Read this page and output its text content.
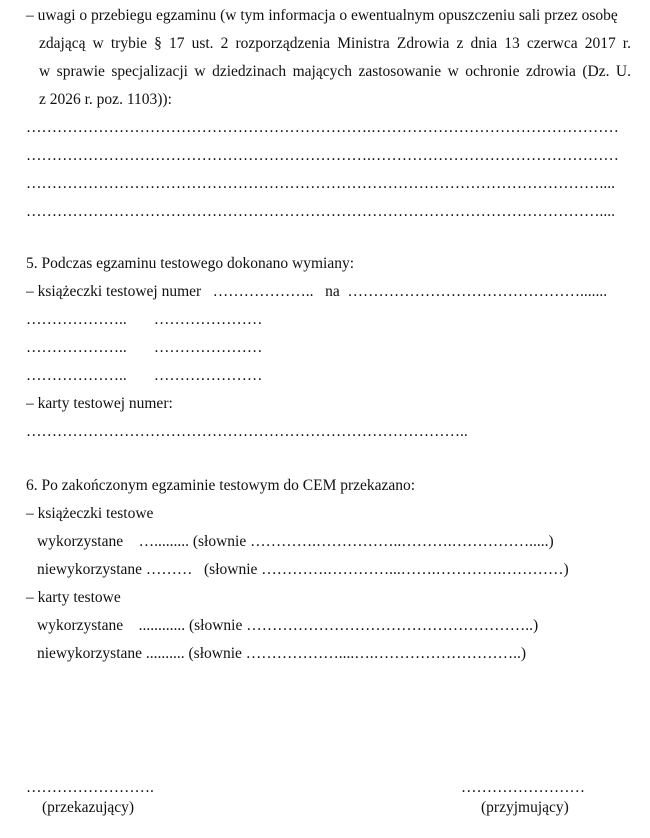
– uwagi o przebiegu egzaminu (w tym informacja o ewentualnym opuszczeniu sali przez osobę
zdającą w trybie § 17 ust. 2 rozporządzenia Ministra Zdrowia z dnia 13 czerwca 2017 r.
w sprawie specjalizacji w dziedzinach mających zastosowanie w ochronie zdrowia (Dz. U.
z 2026 r. poz. 1103)):
………………………………………………………….…………………………………………
………………………………………………………….…………………………………………
…………………………………………………………………………………………………....
…………………………………………………………………………………………………....
5. Podczas egzaminu testowego dokonano wymiany:
– książeczki testowej numer   ………………..   na  ……………………………………….......
………………..       …………………
………………..       …………………
………………..       …………………
– karty testowej numer:
…………………………………………………………………………..
6. Po zakończonym egzaminie testowym do CEM przekazano:
– książeczki testowe
wykorzystane    …......... (słownie ………….……………..……….…………….....)
niewykorzystane ………   (słownie ………….…………...…….………….…………)
– karty testowe
wykorzystane    ............ (słownie ………………………………………………..)
niewykorzystane .......... (słownie ………………....….………………………..)
…………………….
(przekazujący)
……………………
(przyjmujący)
